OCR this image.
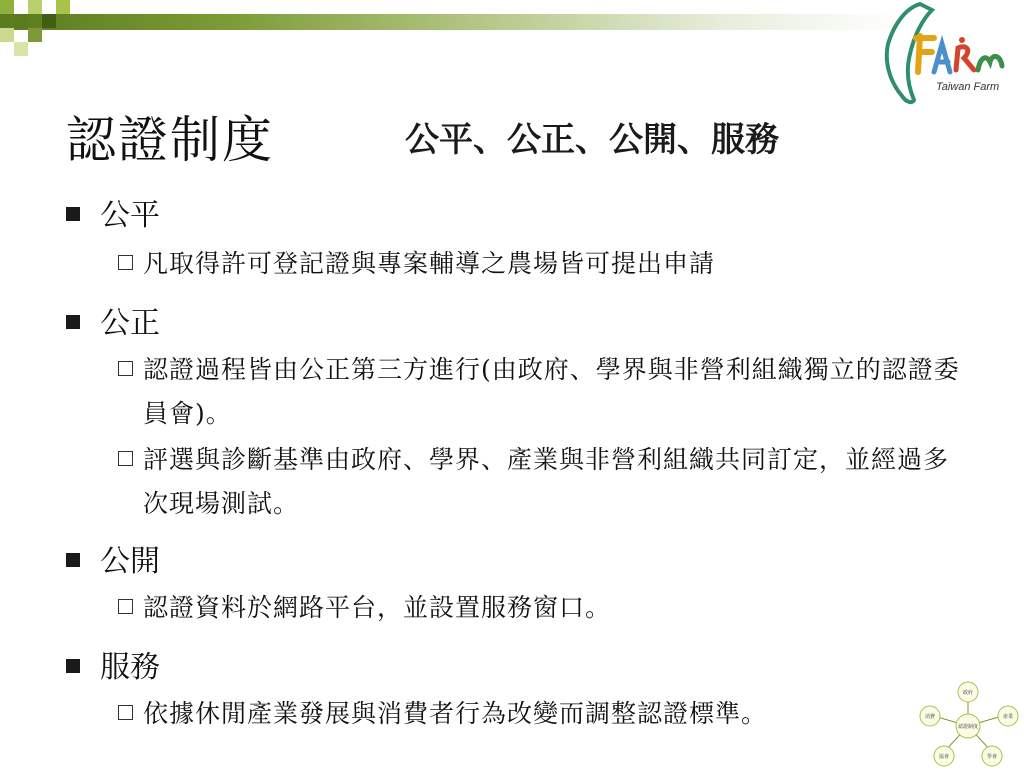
Taiwan Farm
認證制度	公平、公正、公開、服務
公平
凡取得許可登記證與專案輔導之農場皆可提出申請
公正
認證過程皆由公正第三方進行(由政府、學界與非營利組織獨立的認證委員會)。
評選與診斷基準由政府、學界、產業與非營利組織共同訂定，並經過多次現場測試。
公開
認證資料於網路平台，並設置服務窗口。
服務
依據休閒產業發展與消費者行為改變而調整認證標準。	認證制度
政府
產業
學會
協會
消費
